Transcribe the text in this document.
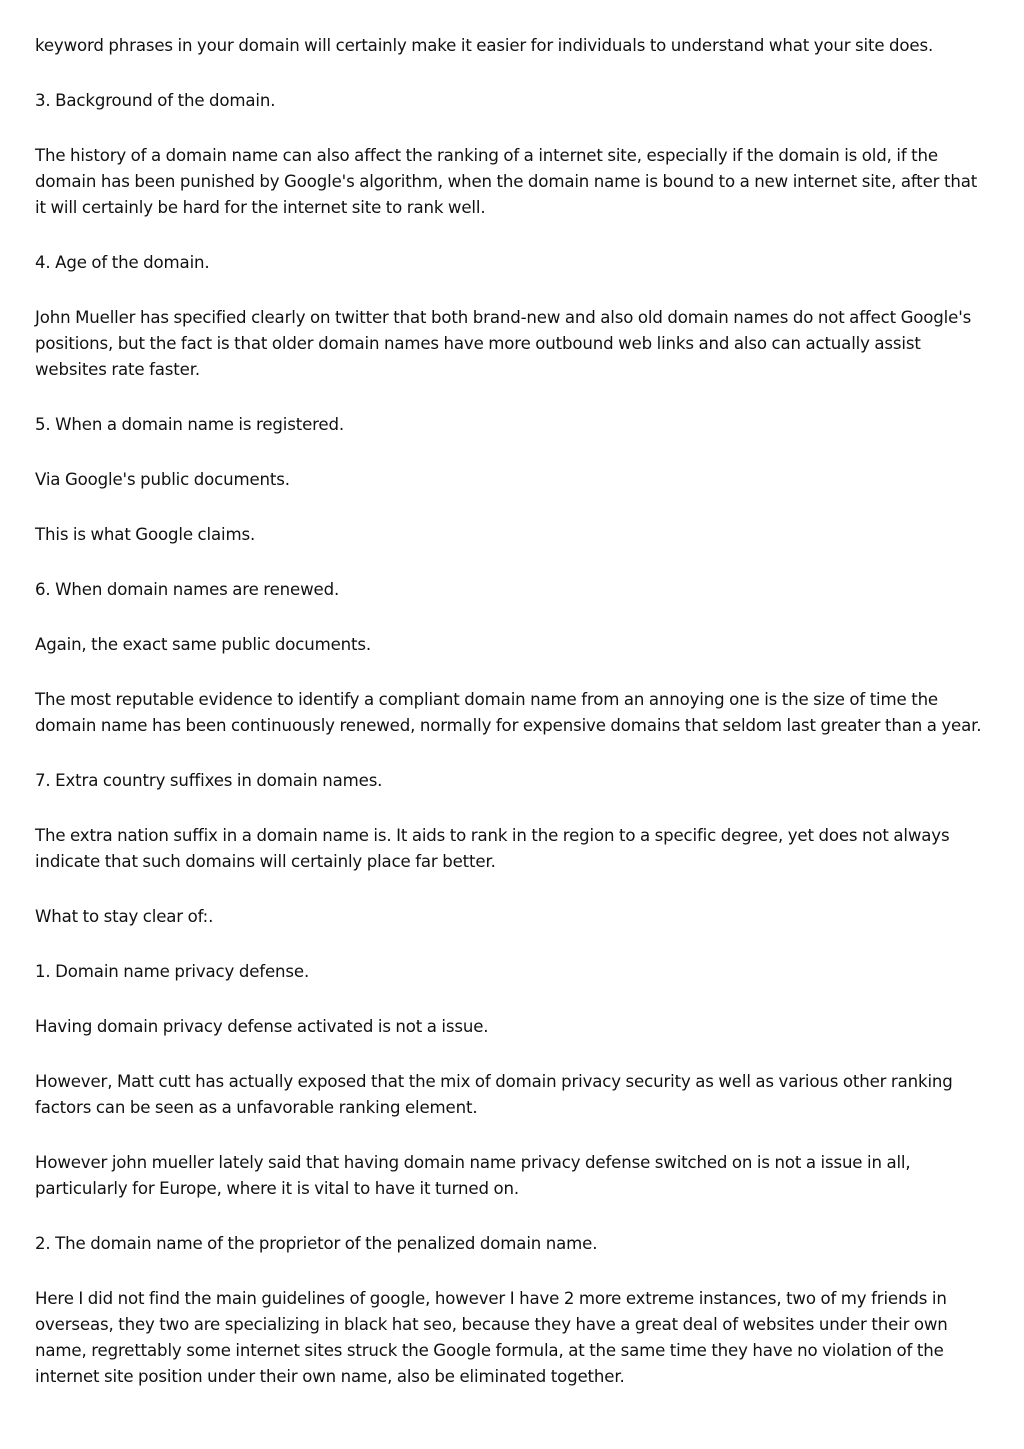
keyword phrases in your domain will certainly make it easier for individuals to understand what your site does.

3. Background of the domain.

The history of a domain name can also affect the ranking of a internet site, especially if the domain is old, if the domain has been punished by Google's algorithm, when the domain name is bound to a new internet site, after that it will certainly be hard for the internet site to rank well.

4. Age of the domain.

John Mueller has specified clearly on twitter that both brand-new and also old domain names do not affect Google's positions, but the fact is that older domain names have more outbound web links and also can actually assist websites rate faster.

5. When a domain name is registered.

Via Google's public documents.

This is what Google claims.

6. When domain names are renewed.

Again, the exact same public documents.

The most reputable evidence to identify a compliant domain name from an annoying one is the size of time the domain name has been continuously renewed, normally for expensive domains that seldom last greater than a year.

7. Extra country suffixes in domain names.

The extra nation suffix in a domain name is. It aids to rank in the region to a specific degree, yet does not always indicate that such domains will certainly place far better.

What to stay clear of:.

1. Domain name privacy defense.

Having domain privacy defense activated is not a issue.

However, Matt cutt has actually exposed that the mix of domain privacy security as well as various other ranking factors can be seen as a unfavorable ranking element.

However john mueller lately said that having domain name privacy defense switched on is not a issue in all, particularly for Europe, where it is vital to have it turned on.

2. The domain name of the proprietor of the penalized domain name.

Here I did not find the main guidelines of google, however I have 2 more extreme instances, two of my friends in overseas, they two are specializing in black hat seo, because they have a great deal of websites under their own name, regrettably some internet sites struck the Google formula, at the same time they have no violation of the internet site position under their own name, also be eliminated together.
